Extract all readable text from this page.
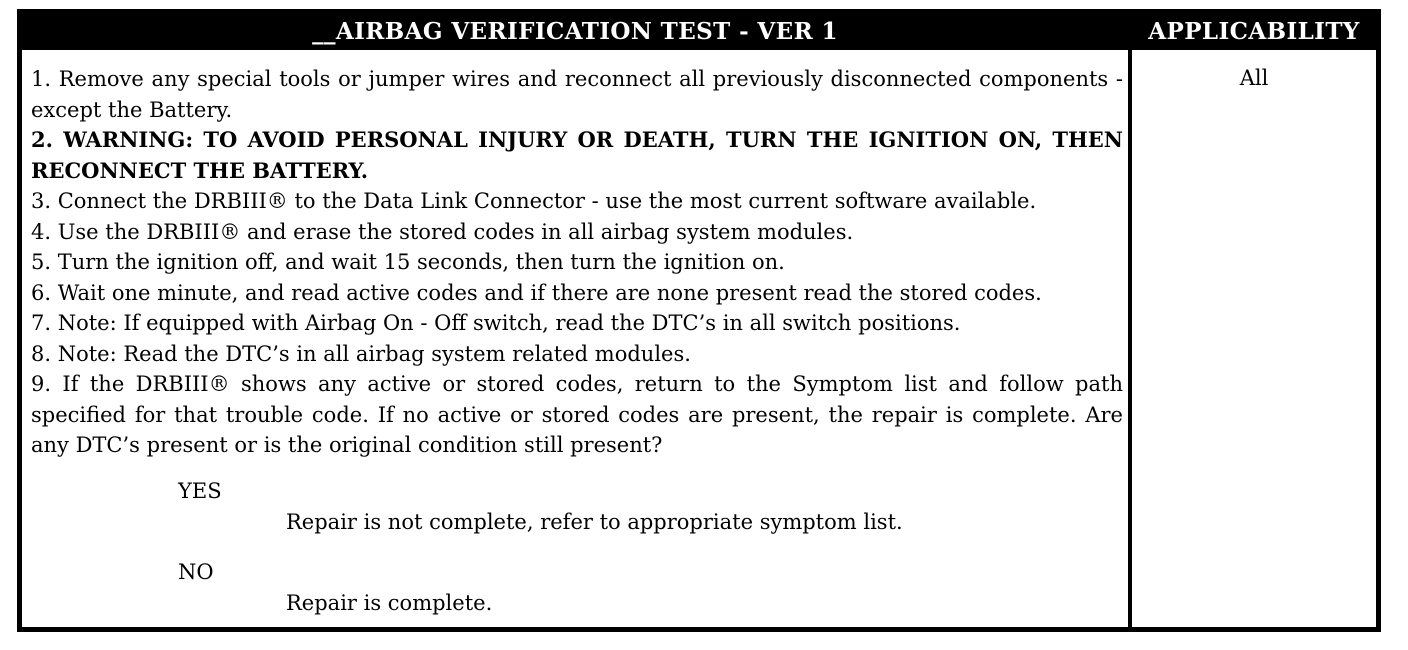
__AIRBAG VERIFICATION TEST - VER 1	APPLICABILITY
1. Remove any special tools or jumper wires and reconnect all previously disconnected components - except the Battery.
2. WARNING: TO AVOID PERSONAL INJURY OR DEATH, TURN THE IGNITION ON, THEN RECONNECT THE BATTERY.
3. Connect the DRBIII® to the Data Link Connector - use the most current software available.
4. Use the DRBIII® and erase the stored codes in all airbag system modules.
5. Turn the ignition off, and wait 15 seconds, then turn the ignition on.
6. Wait one minute, and read active codes and if there are none present read the stored codes.
7. Note: If equipped with Airbag On - Off switch, read the DTC’s in all switch positions.
8. Note: Read the DTC’s in all airbag system related modules.
9. If the DRBIII® shows any active or stored codes, return to the Symptom list and follow path specified for that trouble code. If no active or stored codes are present, the repair is complete. Are any DTC’s present or is the original condition still present?
YES
Repair is not complete, refer to appropriate symptom list.
NO
Repair is complete.
All
